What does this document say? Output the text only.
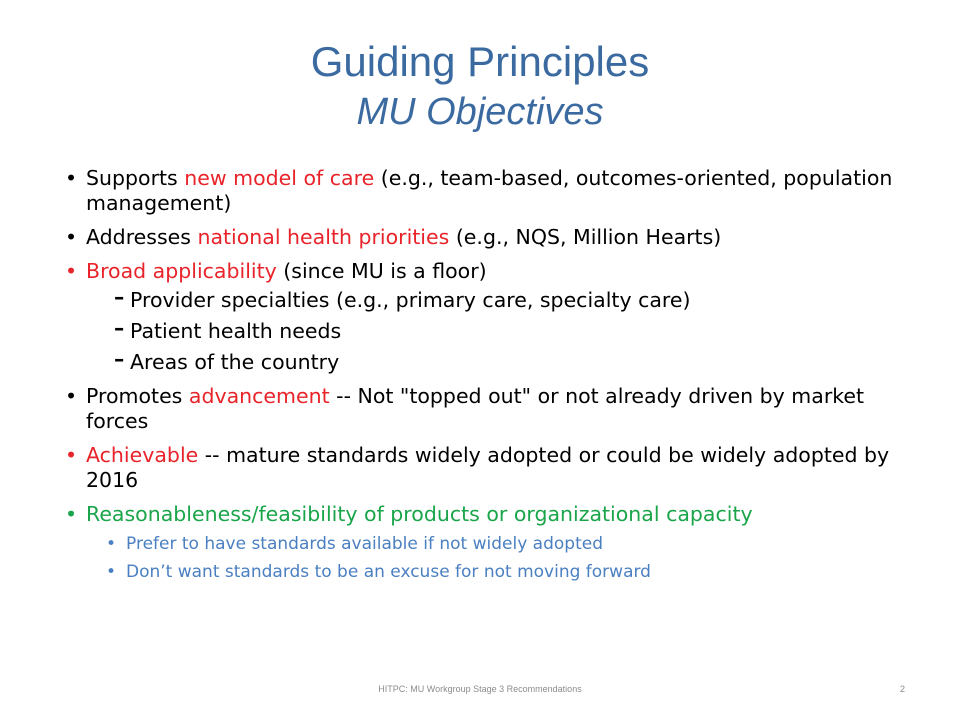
Guiding Principles
MU Objectives
• Supports new model of care (e.g., team-based, outcomes-oriented, population management)
• Addresses national health priorities (e.g., NQS, Million Hearts)
• Broad applicability (since MU is a floor)
– Provider specialties (e.g., primary care, specialty care)
– Patient health needs
– Areas of the country
• Promotes advancement -- Not "topped out" or not already driven by market forces
• Achievable -- mature standards widely adopted or could be widely adopted by 2016
• Reasonableness/feasibility of products or organizational capacity
• Prefer to have standards available if not widely adopted
• Don’t want standards to be an excuse for not moving forward
HITPC: MU Workgroup Stage 3 Recommendations	2
